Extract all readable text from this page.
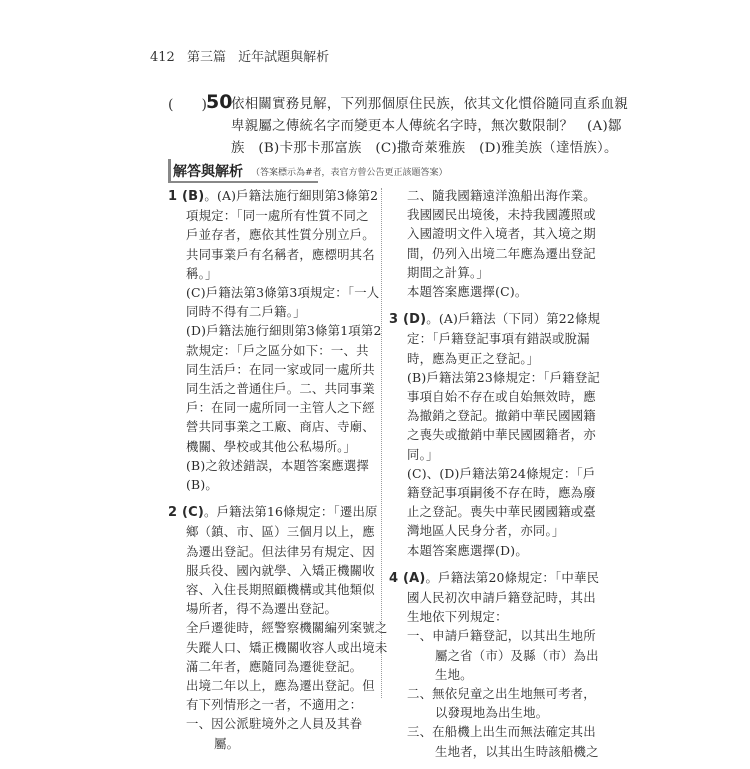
412 第三篇 近年試題與解析
(　　) 50
依相關實務見解，下列那個原住民族，依其文化慣俗隨同直系血親
卑親屬之傳統名字而變更本人傳統名字時，無次數限制？　(A)鄒
族　(B)卡那卡那富族　(C)撒奇萊雅族　(D)雅美族（達悟族）。
解答與解析 （答案標示為#者，表官方曾公告更正該題答案）
1 (B)。(A)戶籍法施行細則第3條第2
項規定：「同一處所有性質不同之
戶並存者，應依其性質分別立戶。
共同事業戶有名稱者，應標明其名
稱。」
(C)戶籍法第3條第3項規定：「一人
同時不得有二戶籍。」
(D)戶籍法施行細則第3條第1項第2
款規定：「戶之區分如下：一、共
同生活戶：在同一家或同一處所共
同生活之普通住戶。二、共同事業
戶：在同一處所同一主管人之下經
營共同事業之工廠、商店、寺廟、
機關、學校或其他公私場所。」
(B)之敘述錯誤，本題答案應選擇
(B)。
2 (C)。戶籍法第16條規定：「遷出原
鄉（鎮、市、區）三個月以上，應
為遷出登記。但法律另有規定、因
服兵役、國內就學、入矯正機關收
容、入住長期照顧機構或其他類似
場所者，得不為遷出登記。
全戶遷徙時，經警察機關編列案號之
失蹤人口、矯正機關收容人或出境未
滿二年者，應隨同為遷徙登記。
出境二年以上，應為遷出登記。但
有下列情形之一者，不適用之：
一、因公派駐境外之人員及其眷
屬。
二、隨我國籍遠洋漁船出海作業。
我國國民出境後，未持我國護照或
入國證明文件入境者，其入境之期
間，仍列入出境二年應為遷出登記
期間之計算。」
本題答案應選擇(C)。
3 (D)。(A)戶籍法（下同）第22條規
定：「戶籍登記事項有錯誤或脫漏
時，應為更正之登記。」
(B)戶籍法第23條規定：「戶籍登記
事項自始不存在或自始無效時，應
為撤銷之登記。撤銷中華民國國籍
之喪失或撤銷中華民國國籍者，亦
同。」
(C)、(D)戶籍法第24條規定：「戶
籍登記事項嗣後不存在時，應為廢
止之登記。喪失中華民國國籍或臺
灣地區人民身分者，亦同。」
本題答案應選擇(D)。
4 (A)。戶籍法第20條規定：「中華民
國人民初次申請戶籍登記時，其出
生地依下列規定：
一、申請戶籍登記，以其出生地所
屬之省（市）及縣（市）為出
生地。
二、無依兒童之出生地無可考者，
以發現地為出生地。
三、在船機上出生而無法確定其出
生地者，以其出生時該船機之
